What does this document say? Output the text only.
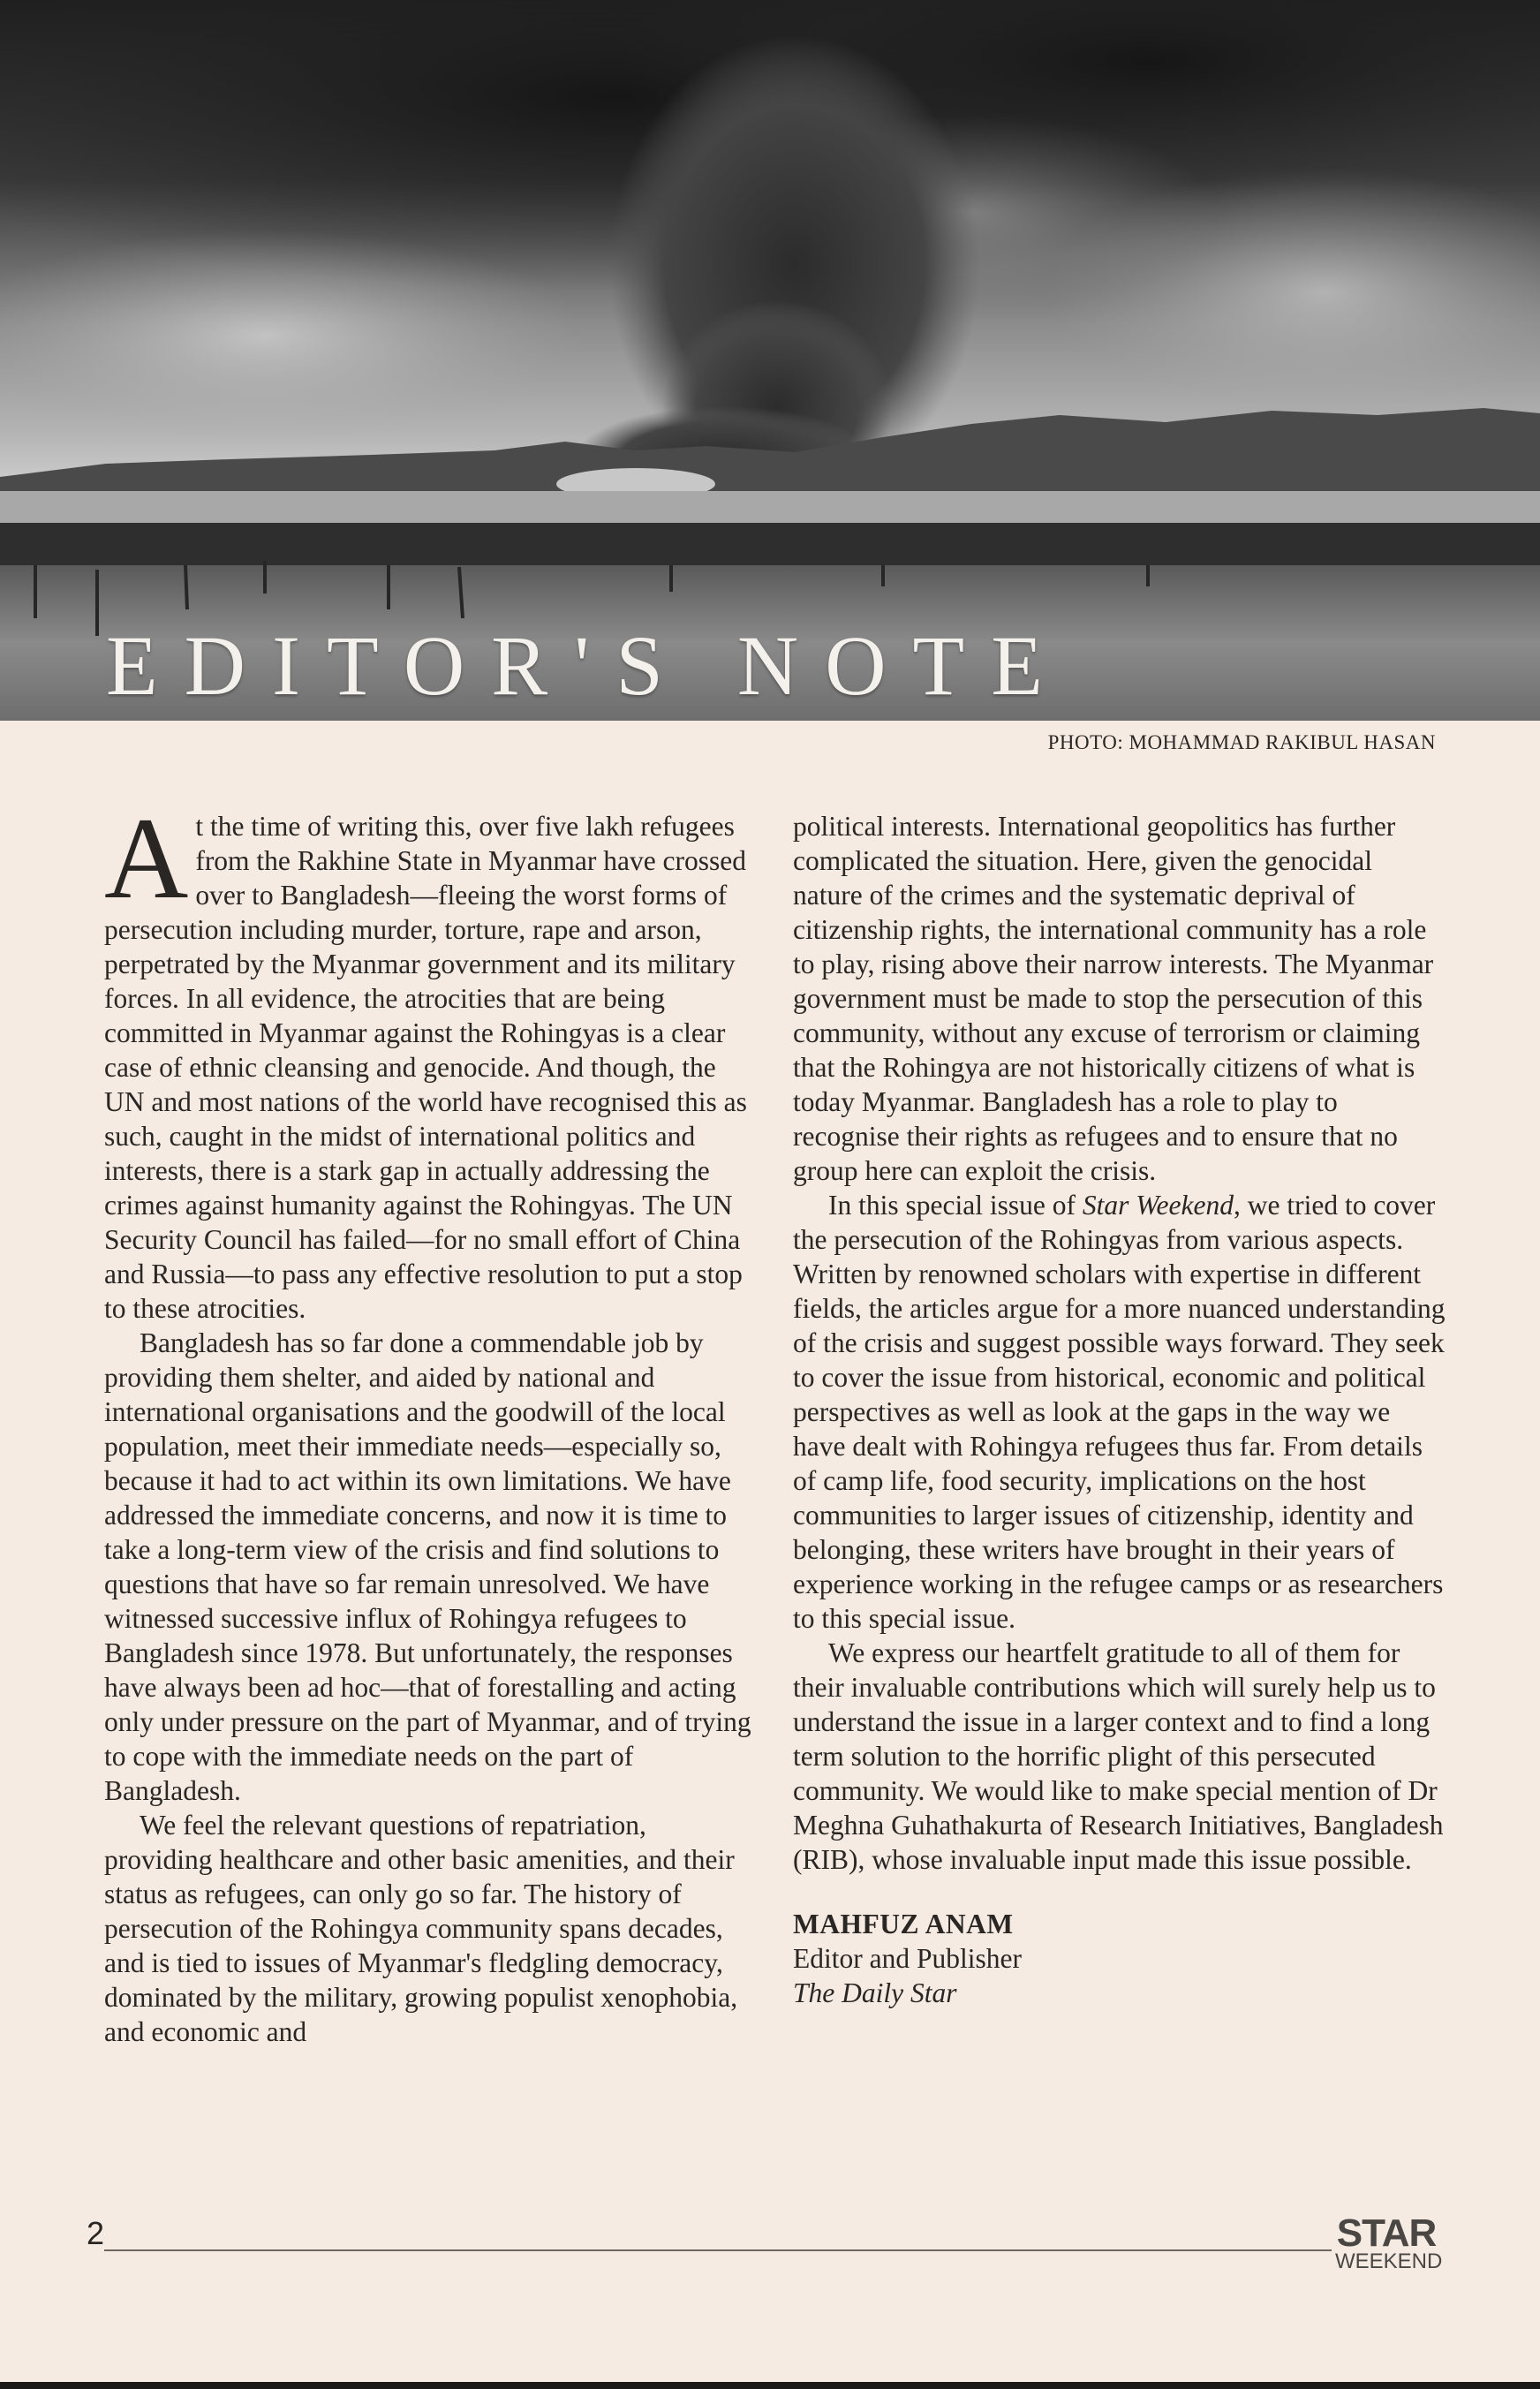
EDITOR'S NOTE
PHOTO: MOHAMMAD RAKIBUL HASAN

At the time of writing this, over five lakh refugees from the Rakhine State in Myanmar have crossed over to Bangladesh—fleeing the worst forms of persecution including murder, torture, rape and arson, perpetrated by the Myanmar government and its military forces. In all evidence, the atrocities that are being committed in Myanmar against the Rohingyas is a clear case of ethnic cleansing and genocide. And though, the UN and most nations of the world have recognised this as such, caught in the midst of international politics and interests, there is a stark gap in actually addressing the crimes against humanity against the Rohingyas. The UN Security Council has failed—for no small effort of China and Russia—to pass any effective resolution to put a stop to these atrocities.

Bangladesh has so far done a commendable job by providing them shelter, and aided by national and international organisations and the goodwill of the local population, meet their immediate needs—especially so, because it had to act within its own limitations. We have addressed the immediate concerns, and now it is time to take a long-term view of the crisis and find solutions to questions that have so far remain unresolved. We have witnessed successive influx of Rohingya refugees to Bangladesh since 1978. But unfortunately, the responses have always been ad hoc—that of forestalling and acting only under pressure on the part of Myanmar, and of trying to cope with the immediate needs on the part of Bangladesh.

We feel the relevant questions of repatriation, providing healthcare and other basic amenities, and their status as refugees, can only go so far. The history of persecution of the Rohingya community spans decades, and is tied to issues of Myanmar's fledgling democracy, dominated by the military, growing populist xenophobia, and economic and

political interests. International geopolitics has further complicated the situation. Here, given the genocidal nature of the crimes and the systematic deprival of citizenship rights, the international community has a role to play, rising above their narrow interests. The Myanmar government must be made to stop the persecution of this community, without any excuse of terrorism or claiming that the Rohingya are not historically citizens of what is today Myanmar. Bangladesh has a role to play to recognise their rights as refugees and to ensure that no group here can exploit the crisis.

In this special issue of Star Weekend, we tried to cover the persecution of the Rohingyas from various aspects. Written by renowned scholars with expertise in different fields, the articles argue for a more nuanced understanding of the crisis and suggest possible ways forward. They seek to cover the issue from historical, economic and political perspectives as well as look at the gaps in the way we have dealt with Rohingya refugees thus far. From details of camp life, food security, implications on the host communities to larger issues of citizenship, identity and belonging, these writers have brought in their years of experience working in the refugee camps or as researchers to this special issue.

We express our heartfelt gratitude to all of them for their invaluable contributions which will surely help us to understand the issue in a larger context and to find a long term solution to the horrific plight of this persecuted community. We would like to make special mention of Dr Meghna Guhathakurta of Research Initiatives, Bangladesh (RIB), whose invaluable input made this issue possible.

MAHFUZ ANAM
Editor and Publisher
The Daily Star
2	STAR
WEEKEND
